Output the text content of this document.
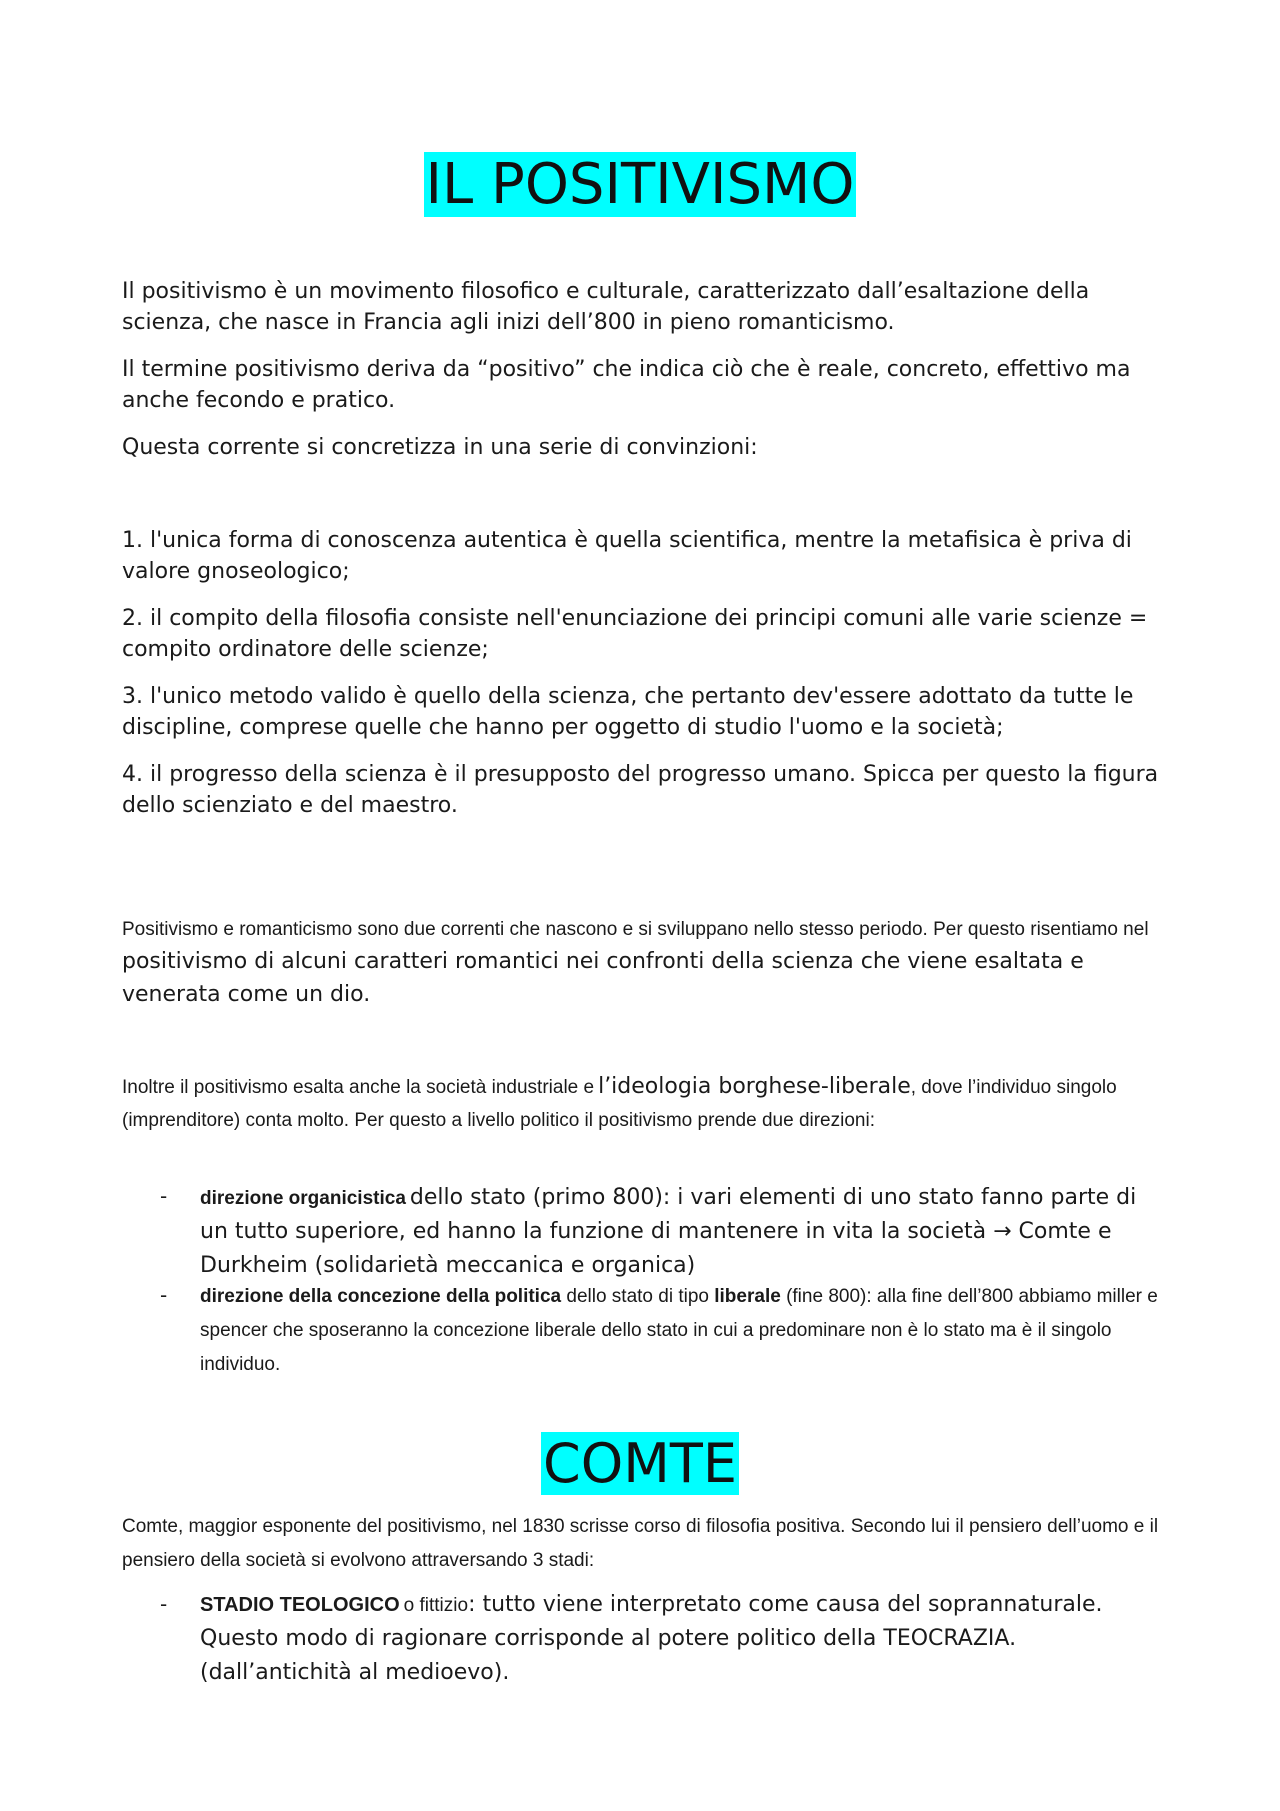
IL POSITIVISMO

Il positivismo è un movimento filosofico e culturale, caratterizzato dall’esaltazione della scienza, che nasce in Francia agli inizi dell’800 in pieno romanticismo.

Il termine positivismo deriva da “positivo” che indica ciò che è reale, concreto, effettivo ma anche fecondo e pratico.

Questa corrente si concretizza in una serie di convinzioni:

1. l'unica forma di conoscenza autentica è quella scientifica, mentre la metafisica è priva di valore gnoseologico;

2. il compito della filosofia consiste nell'enunciazione dei principi comuni alle varie scienze = compito ordinatore delle scienze;

3. l'unico metodo valido è quello della scienza, che pertanto dev'essere adottato da tutte le discipline, comprese quelle che hanno per oggetto di studio l'uomo e la società;

4. il progresso della scienza è il presupposto del progresso umano. Spicca per questo la figura dello scienziato e del maestro.

Positivismo e romanticismo sono due correnti che nascono e si sviluppano nello stesso periodo. Per questo risentiamo nel positivismo di alcuni caratteri romantici nei confronti della scienza che viene esaltata e venerata come un dio.

Inoltre il positivismo esalta anche la società industriale e l’ideologia borghese-liberale, dove l’individuo singolo (imprenditore) conta molto. Per questo a livello politico il positivismo prende due direzioni:

- direzione organicistica dello stato (primo 800): i vari elementi di uno stato fanno parte di un tutto superiore, ed hanno la funzione di mantenere in vita la società → Comte e Durkheim (solidarietà meccanica e organica)

- direzione della concezione della politica dello stato di tipo liberale (fine 800): alla fine dell’800 abbiamo miller e spencer che sposeranno la concezione liberale dello stato in cui a predominare non è lo stato ma è il singolo individuo.

COMTE

Comte, maggior esponente del positivismo, nel 1830 scrisse corso di filosofia positiva. Secondo lui il pensiero dell’uomo e il pensiero della società si evolvono attraversando 3 stadi:

- STADIO TEOLOGICO o fittizio: tutto viene interpretato come causa del soprannaturale. Questo modo di ragionare corrisponde al potere politico della TEOCRAZIA. (dall’antichità al medioevo).
